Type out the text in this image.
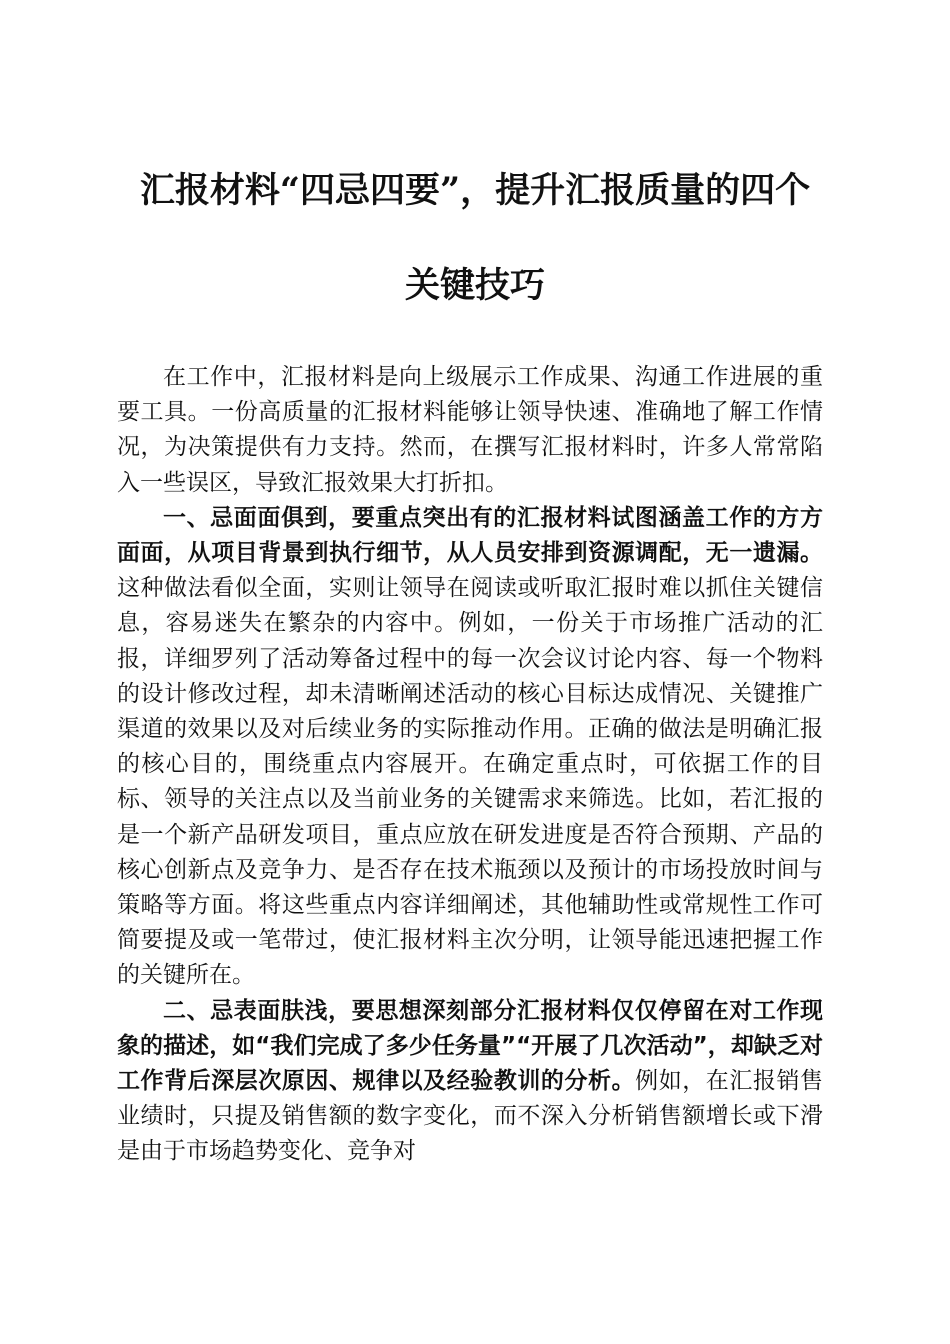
汇报材料“四忌四要”，提升汇报质量的四个
关键技巧

在工作中，汇报材料是向上级展示工作成果、沟通工作进展的重要工具。一份高质量的汇报材料能够让领导快速、准确地了解工作情况，为决策提供有力支持。然而，在撰写汇报材料时，许多人常常陷入一些误区，导致汇报效果大打折扣。

一、忌面面俱到，要重点突出有的汇报材料试图涵盖工作的方方面面，从项目背景到执行细节，从人员安排到资源调配，无一遗漏。这种做法看似全面，实则让领导在阅读或听取汇报时难以抓住关键信息，容易迷失在繁杂的内容中。例如，一份关于市场推广活动的汇报，详细罗列了活动筹备过程中的每一次会议讨论内容、每一个物料的设计修改过程，却未清晰阐述活动的核心目标达成情况、关键推广渠道的效果以及对后续业务的实际推动作用。正确的做法是明确汇报的核心目的，围绕重点内容展开。在确定重点时，可依据工作的目标、领导的关注点以及当前业务的关键需求来筛选。比如，若汇报的是一个新产品研发项目，重点应放在研发进度是否符合预期、产品的核心创新点及竞争力、是否存在技术瓶颈以及预计的市场投放时间与策略等方面。将这些重点内容详细阐述，其他辅助性或常规性工作可简要提及或一笔带过，使汇报材料主次分明，让领导能迅速把握工作的关键所在。

二、忌表面肤浅，要思想深刻部分汇报材料仅仅停留在对工作现象的描述，如“我们完成了多少任务量”“开展了几次活动”，却缺乏对工作背后深层次原因、规律以及经验教训的分析。例如，在汇报销售业绩时，只提及销售额的数字变化，而不深入分析销售额增长或下滑是由于市场趋势变化、竞争对
